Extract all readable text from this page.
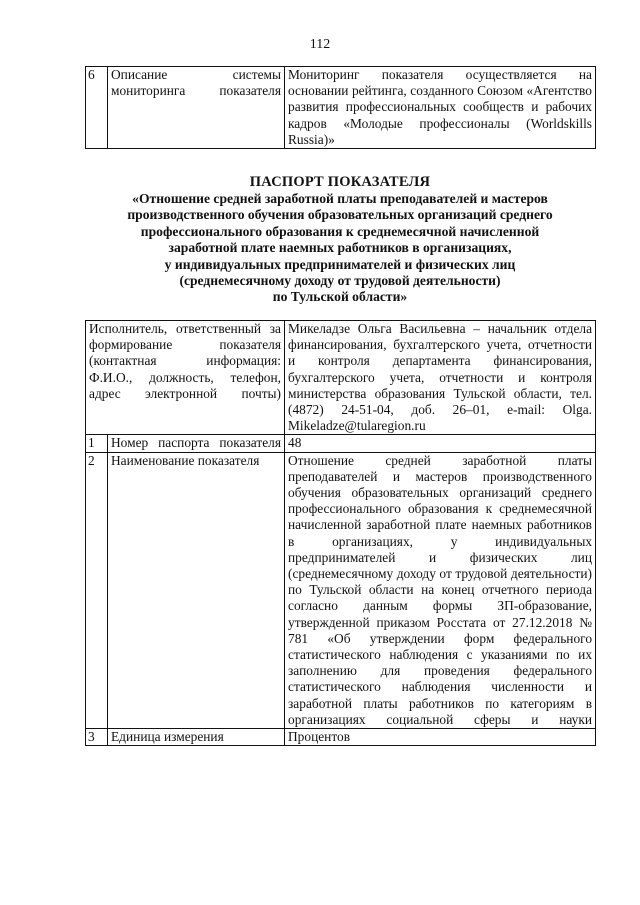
112
6	Описание системы мониторинга показателя	Мониторинг показателя осуществляется на основании рейтинга, созданного Союзом «Агентство развития профессиональных сообществ и рабочих кадров «Молодые профессионалы (Worldskills Russia)»
ПАСПОРТ ПОКАЗАТЕЛЯ
«Отношение средней заработной платы преподавателей и мастеров
производственного обучения образовательных организаций среднего
профессионального образования к среднемесячной начисленной
заработной плате наемных работников в организациях,
у индивидуальных предпринимателей и физических лиц
(среднемесячному доходу от трудовой деятельности)
по Тульской области»
Исполнитель, ответственный за формирование показателя (контактная информация: Ф.И.О., должность, телефон, адрес электронной почты)		Микеладзе Ольга Васильевна – начальник отдела финансирования, бухгалтерского учета, отчетности и контроля департамента финансирования, бухгалтерского учета, отчетности и контроля министерства образования Тульской области, тел. (4872) 24-51-04, доб. 26–01, e-mail: Olga. Mikeladze@tularegion.ru
1	Номер паспорта показателя	48
2	Наименование показателя	Отношение средней заработной платы преподавателей и мастеров производственного обучения образовательных организаций среднего профессионального образования к среднемесячной начисленной заработной плате наемных работников в организациях, у индивидуальных предпринимателей и физических лиц (среднемесячному доходу от трудовой деятельности) по Тульской области на конец отчетного периода согласно данным формы ЗП-образование, утвержденной приказом Росстата от 27.12.2018 № 781 «Об утверждении форм федерального статистического наблюдения с указаниями по их заполнению для проведения федерального статистического наблюдения численности и заработной платы работников по категориям в организациях социальной сферы и науки
3	Единица измерения	Процентов
